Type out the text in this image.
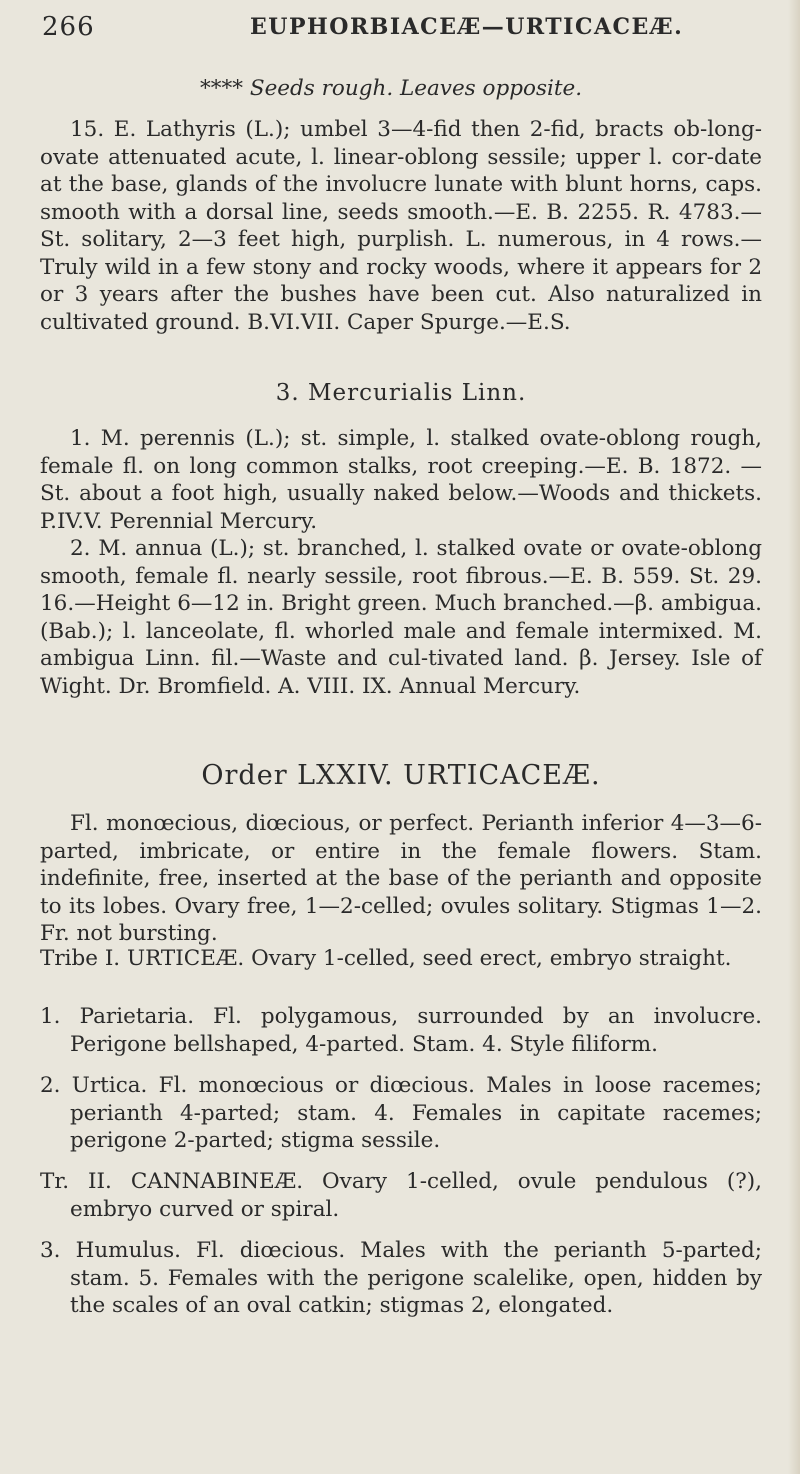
266	EUPHORBIACEÆ—URTICACEÆ.

**** Seeds rough. Leaves opposite.

15. E. Lathyris (L.); umbel 3—4-fid then 2-fid, bracts ob-long-ovate attenuated acute, l. linear-oblong sessile; upper l. cor-date at the base, glands of the involucre lunate with blunt horns, caps. smooth with a dorsal line, seeds smooth.—E. B. 2255. R. 4783.—St. solitary, 2—3 feet high, purplish. L. numerous, in 4 rows.—Truly wild in a few stony and rocky woods, where it appears for 2 or 3 years after the bushes have been cut. Also naturalized in cultivated ground. B.VI.VII. Caper Spurge.—E.S.

3. Mercurialis Linn.

1. M. perennis (L.); st. simple, l. stalked ovate-oblong rough, female fl. on long common stalks, root creeping.—E. B. 1872. —St. about a foot high, usually naked below.—Woods and thickets. P.IV.V. Perennial Mercury.

2. M. annua (L.); st. branched, l. stalked ovate or ovate-oblong smooth, female fl. nearly sessile, root fibrous.—E. B. 559. St. 29. 16.—Height 6—12 in. Bright green. Much branched.—β. ambigua. (Bab.); l. lanceolate, fl. whorled male and female intermixed. M. ambigua Linn. fil.—Waste and cul-tivated land. β. Jersey. Isle of Wight. Dr. Bromfield. A. VIII. IX. Annual Mercury.

Order LXXIV. URTICACEÆ.

Fl. monœcious, diœcious, or perfect. Perianth inferior 4—3—6-parted, imbricate, or entire in the female flowers. Stam. indefinite, free, inserted at the base of the perianth and opposite to its lobes. Ovary free, 1—2-celled; ovules solitary. Stigmas 1—2. Fr. not bursting.

Tribe I. URTICEÆ. Ovary 1-celled, seed erect, embryo straight.

1. Parietaria. Fl. polygamous, surrounded by an involucre. Perigone bellshaped, 4-parted. Stam. 4. Style filiform.

2. Urtica. Fl. monœcious or diœcious. Males in loose racemes; perianth 4-parted; stam. 4. Females in capitate racemes; perigone 2-parted; stigma sessile.

Tr. II. CANNABINEÆ. Ovary 1-celled, ovule pendulous (?), embryo curved or spiral.

3. Humulus. Fl. diœcious. Males with the perianth 5-parted; stam. 5. Females with the perigone scalelike, open, hidden by the scales of an oval catkin; stigmas 2, elongated.
